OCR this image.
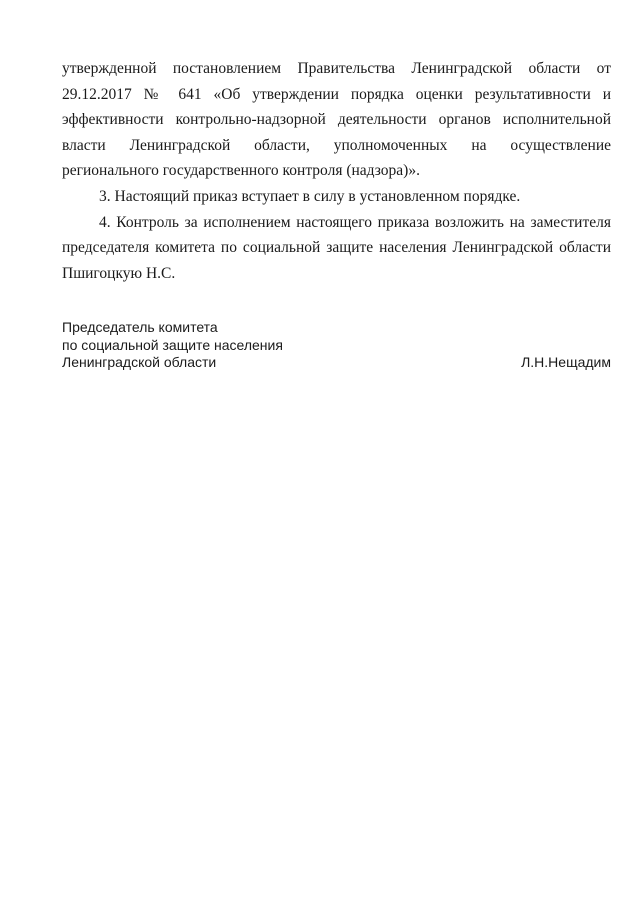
утвержденной постановлением Правительства Ленинградской области от 29.12.2017 № 641 «Об утверждении порядка оценки результативности и эффективности контрольно-надзорной деятельности органов исполнительной власти Ленинградской области, уполномоченных на осуществление регионального государственного контроля (надзора)».

3. Настоящий приказ вступает в силу в установленном порядке.

4. Контроль за исполнением настоящего приказа возложить на заместителя председателя комитета по социальной защите населения Ленинградской области Пшигоцкую Н.С.

Председатель комитета
по социальной защите населения
Ленинградской области	Л.Н.Нещадим
